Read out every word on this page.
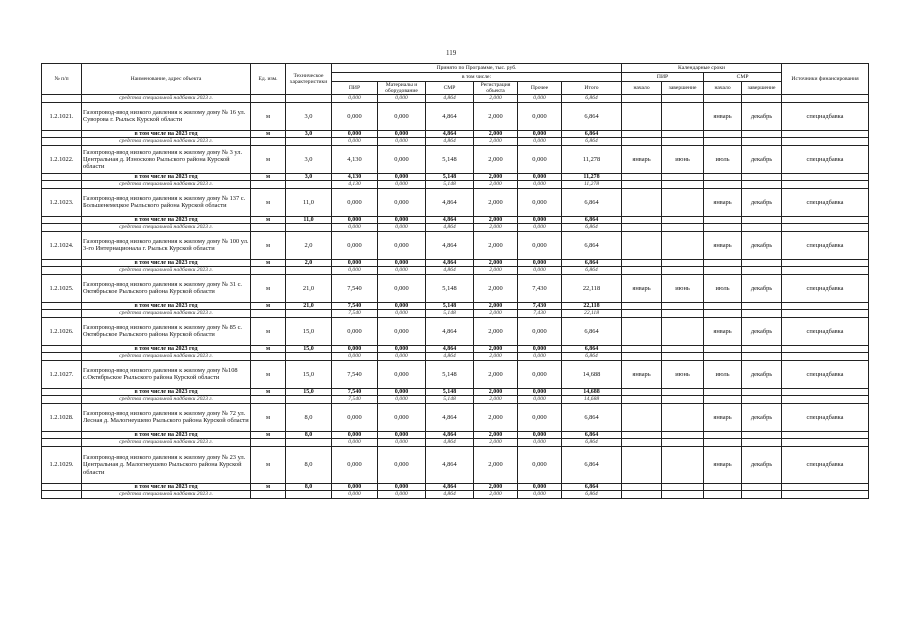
119
№ п/п	Наименование, адрес объекта	Ед. изм.	Техническое характеристики	Принято по Программе, тыс. руб.						Календарные сроки				Источники финансирования
				в том числе:						ПИР		СМР		
				ПИР	Материалы и оборудование	СМР	Регистрация объекта	Прочее	Итого	начало	завершение	начало	завершение	
	средства специальной надбавки 2023 г.			0,000	0,000	4,864	2,000	0,000	6,864					
1.2.1021.	Газопровод-ввод низкого давления к жилому дому № 16 ул. Суворова г. Рыльск Курской области	м	3,0	0,000	0,000	4,864	2,000	0,000	6,864			январь	декабрь	спецнадбавка
	в том числе на 2023 год	м	3,0	0,000	0,000	4,864	2,000	0,000	6,864					
	средства специальной надбавки 2023 г.			0,000	0,000	4,864	2,000	0,000	6,864					
1.2.1022.	Газопровод-ввод низкого давления к жилому дому № 3 ул. Центральная д. Износково Рыльского района Курской области	м	3,0	4,130	0,000	5,148	2,000	0,000	11,278	январь	июнь	июль	декабрь	спецнадбавка
	в том числе на 2023 год	м	3,0	4,130	0,000	5,148	2,000	0,000	11,278					
	средства специальной надбавки 2023 г.			4,130	0,000	5,148	2,000	0,000	11,278					
1.2.1023.	Газопровод-ввод низкого давления к жилому дому № 137 с. Большенемецкое Рыльского района Курской области	м	11,0	0,000	0,000	4,864	2,000	0,000	6,864			январь	декабрь	спецнадбавка
	в том числе на 2023 год	м	11,0	0,000	0,000	4,864	2,000	0,000	6,864					
	средства специальной надбавки 2023 г.			0,000	0,000	4,864	2,000	0,000	6,864					
1.2.1024.	Газопровод-ввод низкого давления к жилому дому № 100 ул. 3-го Интернационала г. Рыльск Курской области	м	2,0	0,000	0,000	4,864	2,000	0,000	6,864			январь	декабрь	спецнадбавка
	в том числе на 2023 год	м	2,0	0,000	0,000	4,864	2,000	0,000	6,864					
	средства специальной надбавки 2023 г.			0,000	0,000	4,864	2,000	0,000	6,864					
1.2.1025.	Газопровод-ввод низкого давления к жилому дому № 31 с. Октябрьское Рыльского района Курской области	м	21,0	7,540	0,000	5,148	2,000	7,430	22,118	январь	июнь	июль	декабрь	спецнадбавка
	в том числе на 2023 год	м	21,0	7,540	0,000	5,148	2,000	7,430	22,118					
	средства специальной надбавки 2023 г.			7,540	0,000	5,148	2,000	7,430	22,118					
1.2.1026.	Газопровод-ввод низкого давления к жилому дому № 85 с. Октябрьское Рыльского района Курской области	м	15,0	0,000	0,000	4,864	2,000	0,000	6,864			январь	декабрь	спецнадбавка
	в том числе на 2023 год	м	15,0	0,000	0,000	4,864	2,000	0,000	6,864					
	средства специальной надбавки 2023 г.			0,000	0,000	4,864	2,000	0,000	6,864					
1.2.1027.	Газопровод-ввод низкого давления к жилому дому №108 с.Октябрьское Рыльского района Курской области	м	15,0	7,540	0,000	5,148	2,000	0,000	14,688	январь	июнь	июль	декабрь	спецнадбавка
	в том числе на 2023 год	м	15,0	7,540	0,000	5,148	2,000	0,000	14,688					
	средства специальной надбавки 2023 г.			7,540	0,000	5,148	2,000	0,000	14,688					
1.2.1028.	Газопровод-ввод низкого давления к жилому дому № 72 ул. Лесная д. Малогнеушево Рыльского района Курской области	м	8,0	0,000	0,000	4,864	2,000	0,000	6,864			январь	декабрь	спецнадбавка
	в том числе на 2023 год	м	8,0	0,000	0,000	4,864	2,000	0,000	6,864					
	средства специальной надбавки 2023 г.			0,000	0,000	4,864	2,000	0,000	6,864					
1.2.1029.	Газопровод-ввод низкого давления к жилому дому № 23 ул. Центральная д. Малогнеушево Рыльского района Курской области	м	8,0	0,000	0,000	4,864	2,000	0,000	6,864			январь	декабрь	спецнадбавка
	в том числе на 2023 год	м	8,0	0,000	0,000	4,864	2,000	0,000	6,864					
	средства специальной надбавки 2023 г.			0,000	0,000	4,864	2,000	0,000	6,864					
